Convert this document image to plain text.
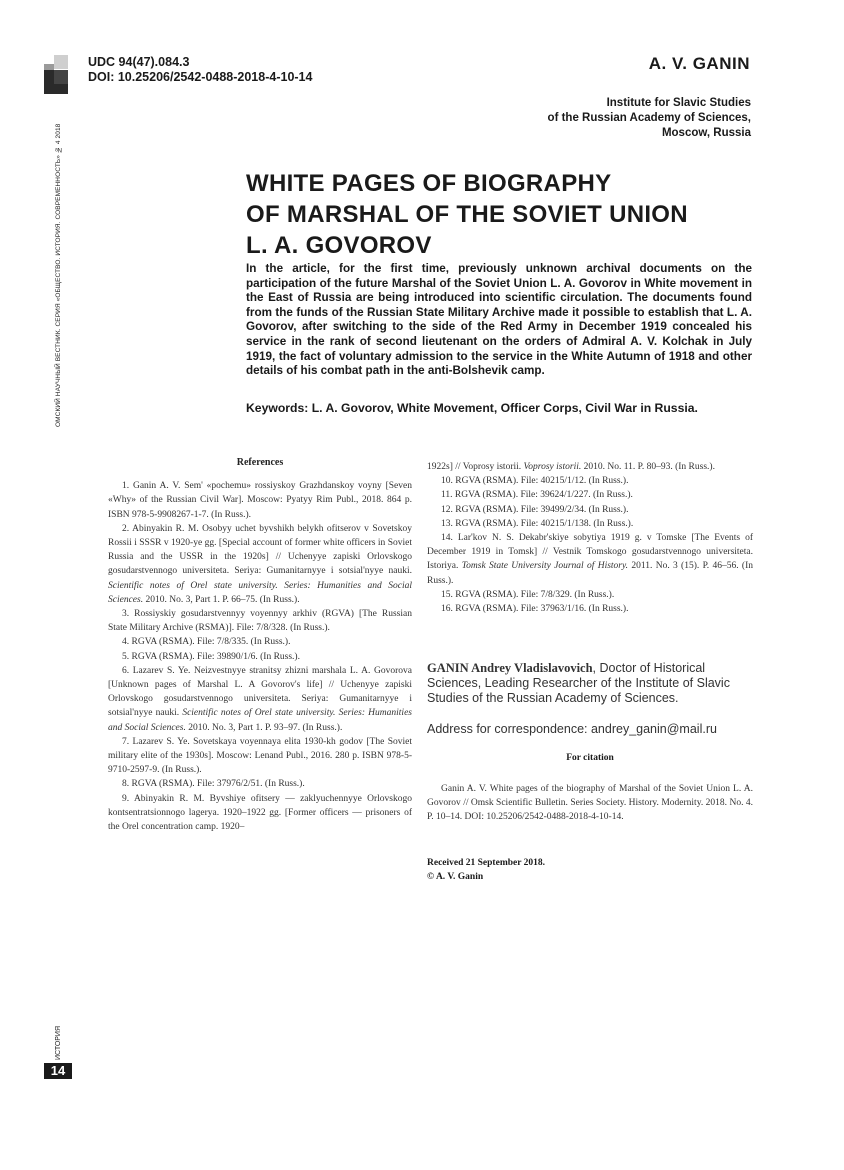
ОМСКИЙ НАУЧНЫЙ ВЕСТНИК. СЕРИЯ «ОБЩЕСТВО. ИСТОРИЯ. СОВРЕМЕННОСТЬ» № 4 2018
ИСТОРИЯ
14
UDC 94(47).084.3
DOI: 10.25206/2542-0488-2018-4-10-14
A. V. GANIN
Institute for Slavic Studies
of the Russian Academy of Sciences,
Moscow, Russia
WHITE PAGES OF BIOGRAPHY
OF MARSHAL OF THE SOVIET UNION
L. A. GOVOROV

In the article, for the first time, previously unknown archival documents on the participation of the future Marshal of the Soviet Union L. A. Govorov in White movement in the East of Russia are being introduced into scientific circulation. The documents found from the funds of the Russian State Military Archive made it possible to establish that L. A. Govorov, after switching to the side of the Red Army in December 1919 concealed his service in the rank of second lieutenant on the orders of Admiral A. V. Kolchak in July 1919, the fact of voluntary admission to the service in the White Autumn of 1918 and other details of his combat path in the anti-Bolshevik camp.

Keywords: L. A. Govorov, White Movement, Officer Corps, Civil War in Russia.

References

1. Ganin A. V. Sem' «pochemu» rossiyskoy Grazhdanskoy voyny [Seven «Why» of the Russian Civil War]. Moscow: Pyatyy Rim Publ., 2018. 864 p. ISBN 978-5-9908267-1-7. (In Russ.).

2. Abinyakin R. M. Osobyy uchet byvshikh belykh ofitserov v Sovetskoy Rossii i SSSR v 1920-ye gg. [Special account of former white officers in Soviet Russia and the USSR in the 1920s] // Uchenyye zapiski Orlovskogo gosudarstvennogo universiteta. Seriya: Gumanitarnyye i sotsial'nyye nauki. Scientific notes of Orel state university. Series: Humanities and Social Sciences. 2010. No. 3, Part 1. P. 66–75. (In Russ.).

3. Rossiyskiy gosudarstvennyy voyennyy arkhiv (RGVA) [The Russian State Military Archive (RSMA)]. File: 7/8/328. (In Russ.).

4. RGVA (RSMA). File: 7/8/335. (In Russ.).

5. RGVA (RSMA). File: 39890/1/6. (In Russ.).

6. Lazarev S. Ye. Neizvestnyye stranitsy zhizni marshala L. A. Govorova [Unknown pages of Marshal L. A Govorov's life] // Uchenyye zapiski Orlovskogo gosudarstvennogo universiteta. Seriya: Gumanitarnyye i sotsial'nyye nauki. Scientific notes of Orel state university. Series: Humanities and Social Sciences. 2010. No. 3, Part 1. P. 93–97. (In Russ.).

7. Lazarev S. Ye. Sovetskaya voyennaya elita 1930-kh godov [The Soviet military elite of the 1930s]. Moscow: Lenand Publ., 2016. 280 p. ISBN 978-5-9710-2597-9. (In Russ.).

8. RGVA (RSMA). File: 37976/2/51. (In Russ.).

9. Abinyakin R. M. Byvshiye ofitsery — zaklyuchennyye Orlovskogo kontsentratsionnogo lagerya. 1920–1922 gg. [Former officers — prisoners of the Orel concentration camp. 1920–

1922s] // Voprosy istorii. Voprosy istorii. 2010. No. 11. P. 80–93. (In Russ.).

10. RGVA (RSMA). File: 40215/1/12. (In Russ.).

11. RGVA (RSMA). File: 39624/1/227. (In Russ.).

12. RGVA (RSMA). File: 39499/2/34. (In Russ.).

13. RGVA (RSMA). File: 40215/1/138. (In Russ.).

14. Lar'kov N. S. Dekabr'skiye sobytiya 1919 g. v Tomske [The Events of December 1919 in Tomsk] // Vestnik Tomskogo gosudarstvennogo universiteta. Istoriya. Tomsk State University Journal of History. 2011. No. 3 (15). P. 46–56. (In Russ.).

15. RGVA (RSMA). File: 7/8/329. (In Russ.).

16. RGVA (RSMA). File: 37963/1/16. (In Russ.).

GANIN Andrey Vladislavovich, Doctor of Historical Sciences, Leading Researcher of the Institute of Slavic Studies of the Russian Academy of Sciences.

Address for correspondence: andrey_ganin@mail.ru

For citation

Ganin A. V. White pages of the biography of Marshal of the Soviet Union L. A. Govorov // Omsk Scientific Bulletin. Series Society. History. Modernity. 2018. No. 4. P. 10–14. DOI: 10.25206/2542-0488-2018-4-10-14.

Received 21 September 2018.
© A. V. Ganin
